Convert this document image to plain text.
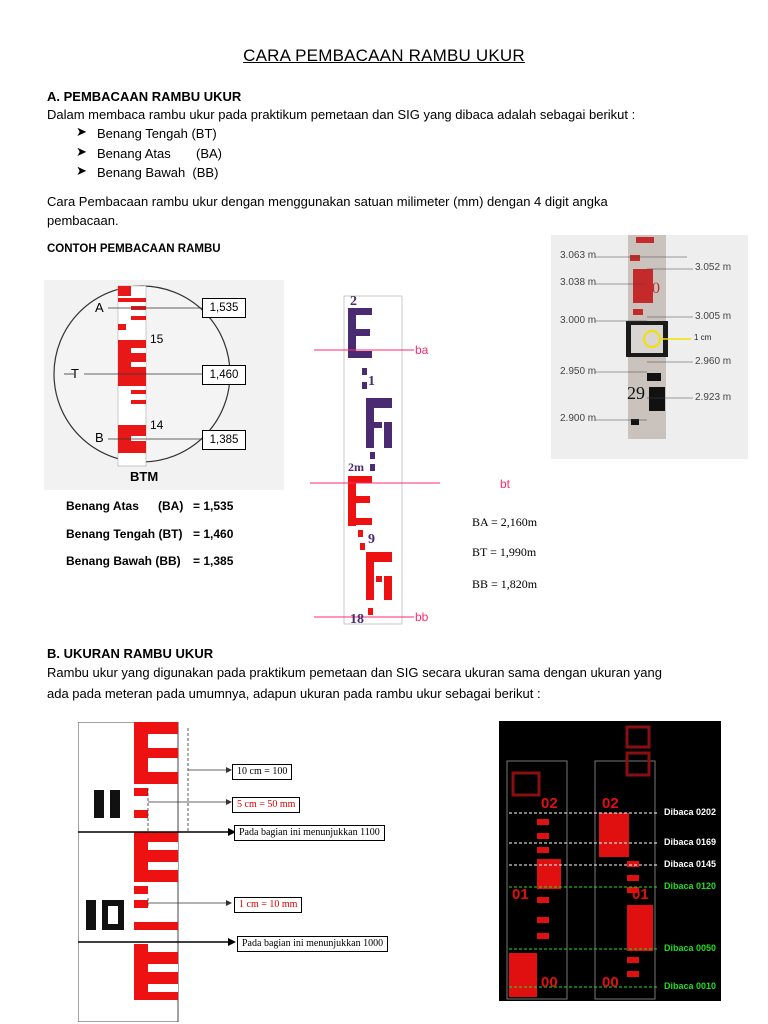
CARA PEMBACAAN RAMBU UKUR
A. PEMBACAAN RAMBU UKUR
Dalam membaca rambu ukur pada praktikum pemetaan dan SIG yang dibaca adalah sebagai berikut :
➤ Benang Tengah (BT)
➤ Benang Atas (BA)
➤ Benang Bawah  (BB)
Cara Pembacaan rambu ukur dengan menggunakan satuan milimeter (mm) dengan 4 digit angka
pembacaan.
CONTOH PEMBACAAN RAMBU
A
T
B
15
14
1,535
1,460
1,385
BTM
Benang Atas (BA) = 1,535
Benang Tengah (BT) = 1,460
Benang Bawah (BB) = 1,385
2
1
2m
9
18
ba
bt
bb
BA = 2,160m
BT = 1,990m
BB = 1,820m
3.063 m
3.038 m
3.000 m
2.950 m
2.900 m
3.052 m
3.005 m
2.960 m
2.923 m
1 cm
30
29
B. UKURAN RAMBU UKUR
Rambu ukur yang digunakan pada praktikum pemetaan dan SIG secara ukuran sama dengan ukuran yang
ada pada meteran pada umumnya, adapun ukuran pada rambu ukur sebagai berikut :
10 cm = 100
5 cm = 50 mm
Pada bagian ini menunjukkan 1100
1 cm = 10 mm
Pada bagian ini menunjukkan 1000
02	02
01	01
00	00
Dibaca 0202
Dibaca 0169
Dibaca 0145
Dibaca 0120
Dibaca 0050
Dibaca 0010
